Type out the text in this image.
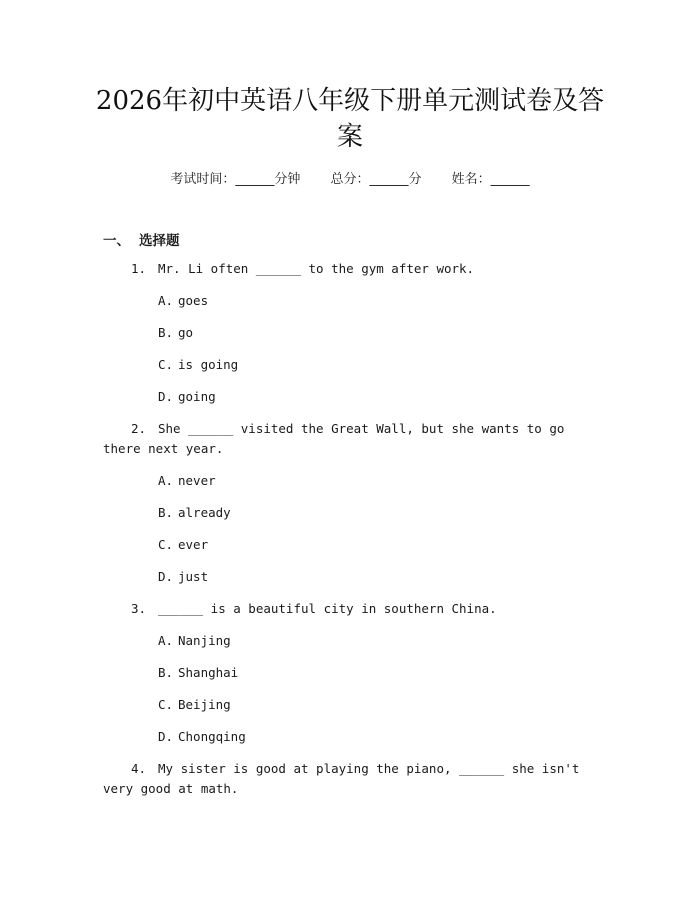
2026年初中英语八年级下册单元测试卷及答
案
考试时间：______分钟 总分：______分 姓名：______
一、 选择题
1. Mr. Li often ______ to the gym after work.
A. goes
B. go
C. is going
D. going
2. She ______ visited the Great Wall, but she wants to go there next year.
A. never
B. already
C. ever
D. just
3. ______ is a beautiful city in southern China.
A. Nanjing
B. Shanghai
C. Beijing
D. Chongqing
4. My sister is good at playing the piano, ______ she isn't very good at math.
